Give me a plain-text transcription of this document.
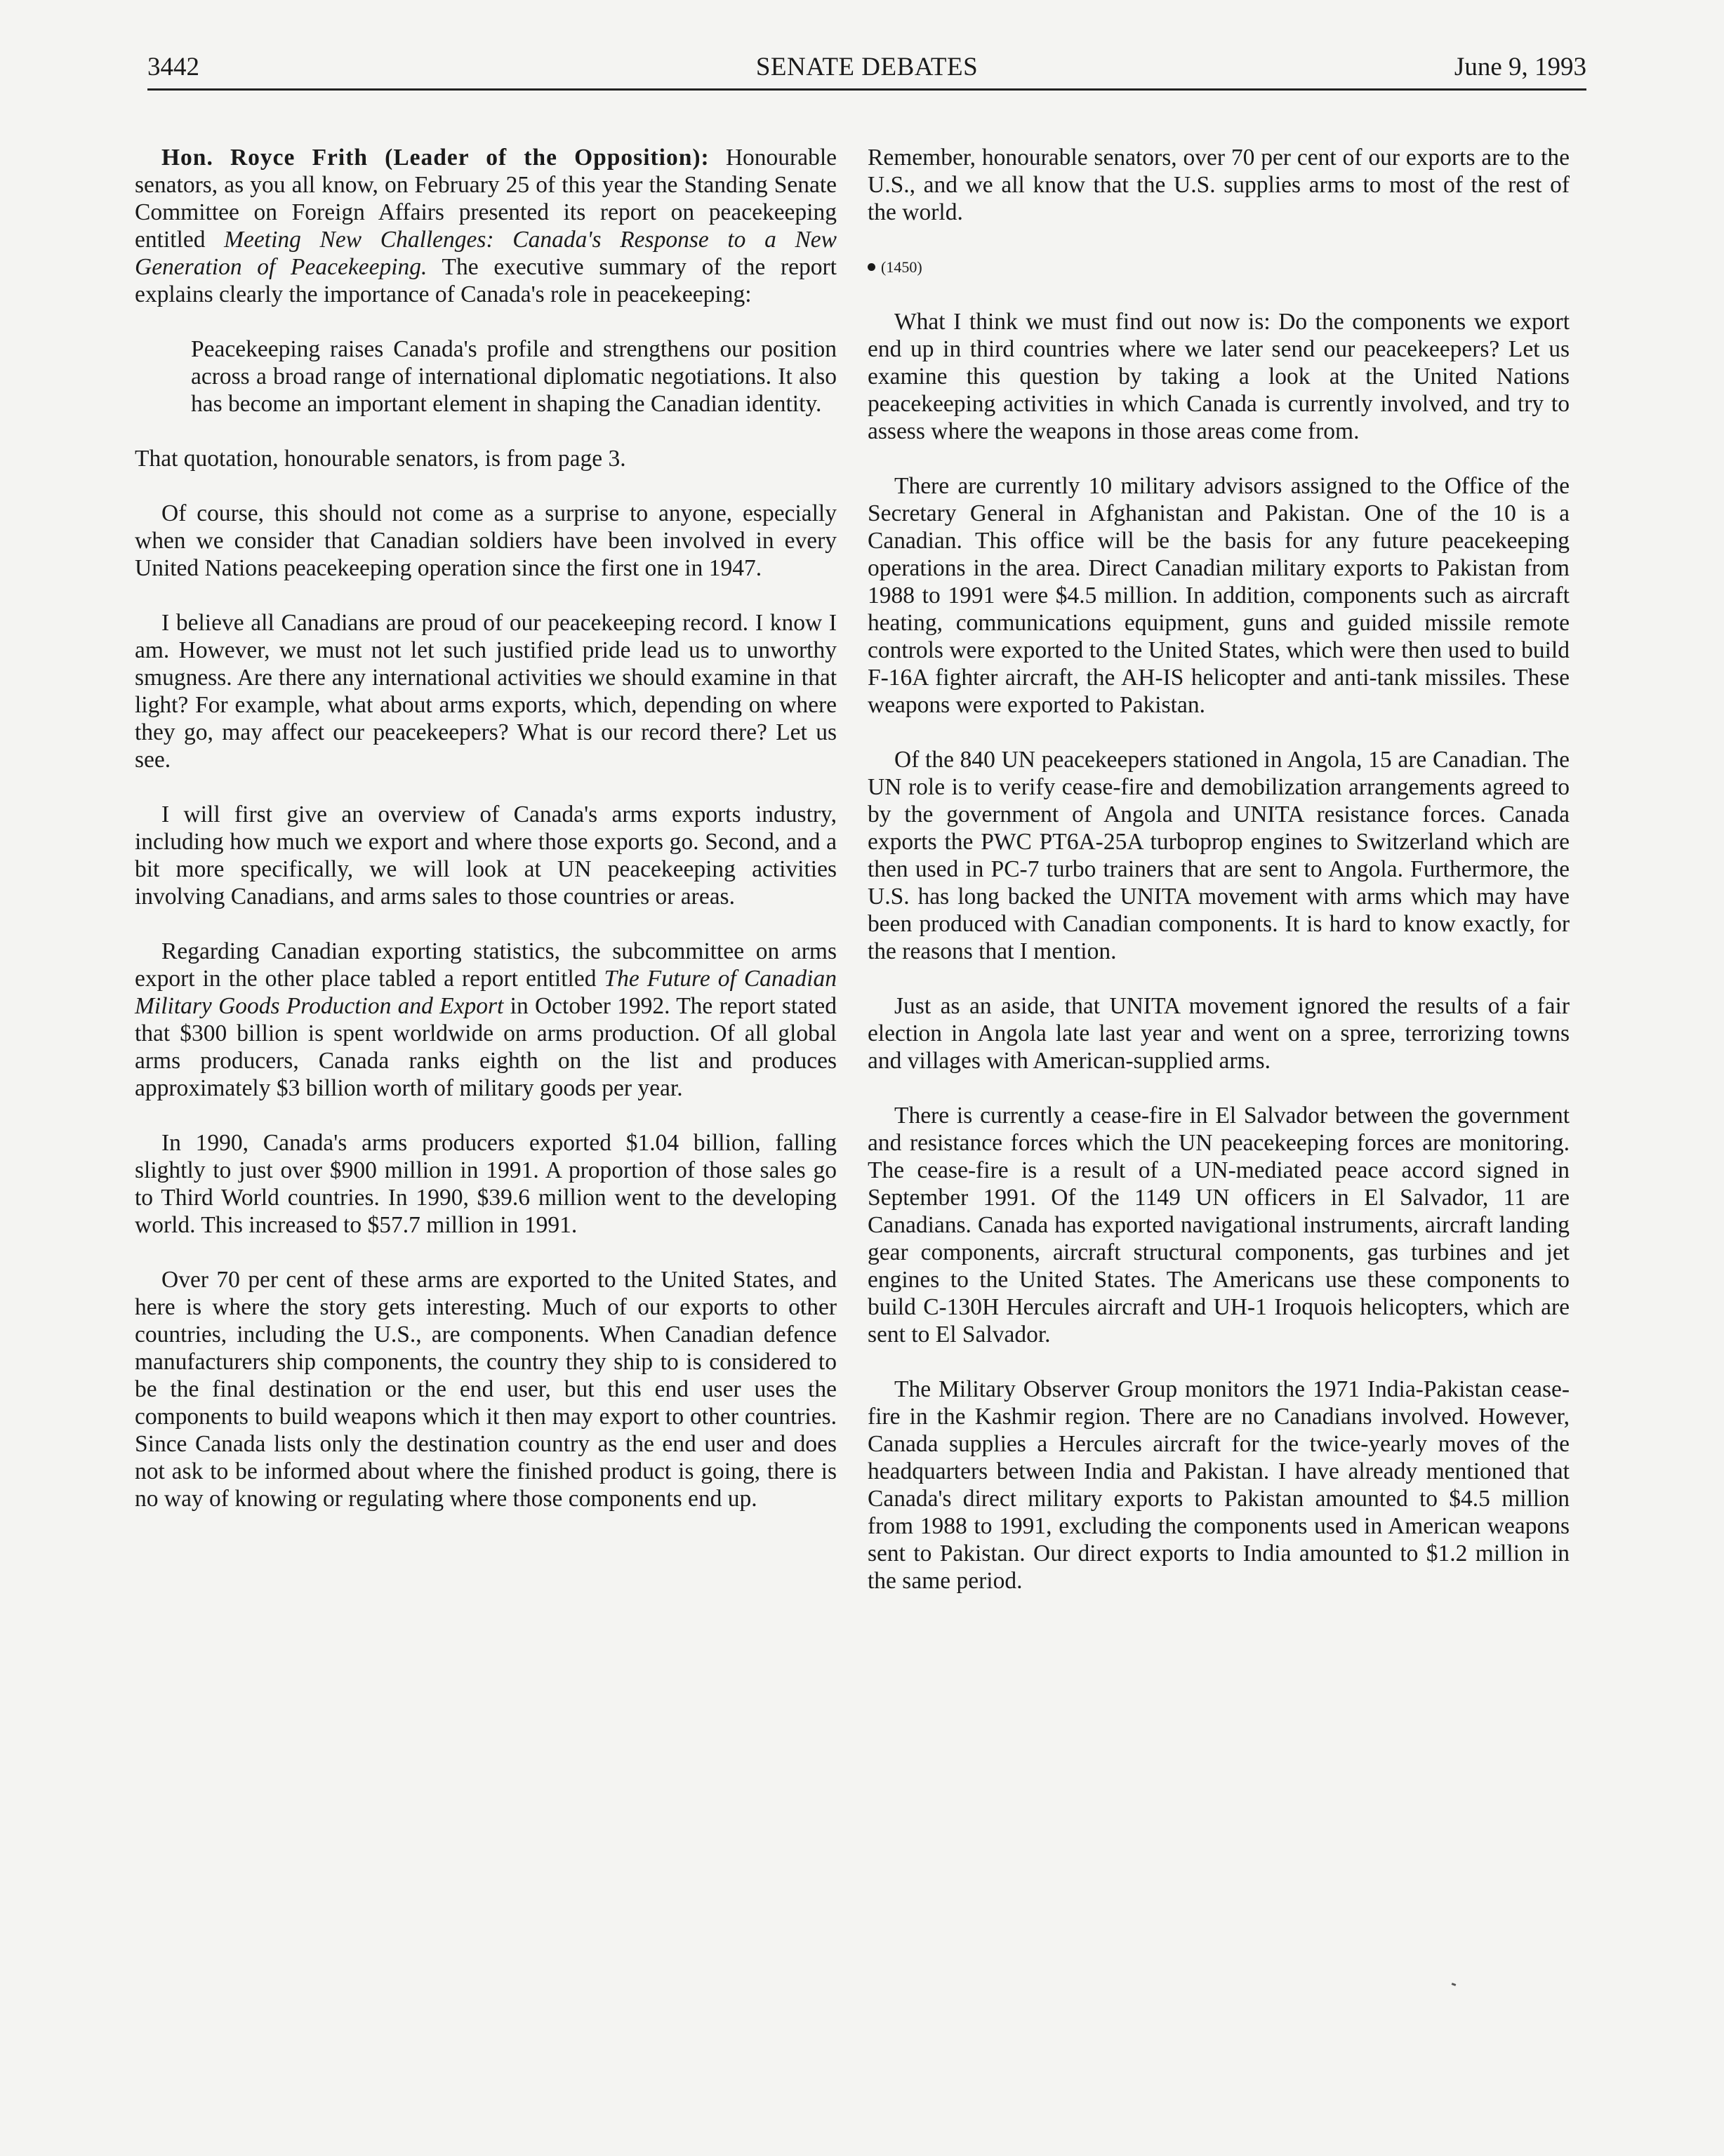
3442	SENATE DEBATES	June 9, 1993

Hon. Royce Frith (Leader of the Opposition): Honourable senators, as you all know, on February 25 of this year the Standing Senate Committee on Foreign Affairs presented its report on peacekeeping entitled Meeting New Challenges: Canada's Response to a New Generation of Peacekeeping. The executive summary of the report explains clearly the importance of Canada's role in peacekeeping:

Peacekeeping raises Canada's profile and strengthens our position across a broad range of international diplomatic negotiations. It also has become an important element in shaping the Canadian identity.

That quotation, honourable senators, is from page 3.

Of course, this should not come as a surprise to anyone, especially when we consider that Canadian soldiers have been involved in every United Nations peacekeeping operation since the first one in 1947.

I believe all Canadians are proud of our peacekeeping record. I know I am. However, we must not let such justified pride lead us to unworthy smugness. Are there any international activities we should examine in that light? For example, what about arms exports, which, depending on where they go, may affect our peacekeepers? What is our record there? Let us see.

I will first give an overview of Canada's arms exports industry, including how much we export and where those exports go. Second, and a bit more specifically, we will look at UN peacekeeping activities involving Canadians, and arms sales to those countries or areas.

Regarding Canadian exporting statistics, the subcommittee on arms export in the other place tabled a report entitled The Future of Canadian Military Goods Production and Export in October 1992. The report stated that $300 billion is spent worldwide on arms production. Of all global arms producers, Canada ranks eighth on the list and produces approximately $3 billion worth of military goods per year.

In 1990, Canada's arms producers exported $1.04 billion, falling slightly to just over $900 million in 1991. A proportion of those sales go to Third World countries. In 1990, $39.6 million went to the developing world. This increased to $57.7 million in 1991.

Over 70 per cent of these arms are exported to the United States, and here is where the story gets interesting. Much of our exports to other countries, including the U.S., are components. When Canadian defence manufacturers ship components, the country they ship to is considered to be the final destination or the end user, but this end user uses the components to build weapons which it then may export to other countries. Since Canada lists only the destination country as the end user and does not ask to be informed about where the finished product is going, there is no way of knowing or regulating where those components end up.

Remember, honourable senators, over 70 per cent of our exports are to the U.S., and we all know that the U.S. supplies arms to most of the rest of the world.

(1450)

What I think we must find out now is: Do the components we export end up in third countries where we later send our peacekeepers? Let us examine this question by taking a look at the United Nations peacekeeping activities in which Canada is currently involved, and try to assess where the weapons in those areas come from.

There are currently 10 military advisors assigned to the Office of the Secretary General in Afghanistan and Pakistan. One of the 10 is a Canadian. This office will be the basis for any future peacekeeping operations in the area. Direct Canadian military exports to Pakistan from 1988 to 1991 were $4.5 million. In addition, components such as aircraft heating, communications equipment, guns and guided missile remote controls were exported to the United States, which were then used to build F-16A fighter aircraft, the AH-IS helicopter and anti-tank missiles. These weapons were exported to Pakistan.

Of the 840 UN peacekeepers stationed in Angola, 15 are Canadian. The UN role is to verify cease-fire and demobilization arrangements agreed to by the government of Angola and UNITA resistance forces. Canada exports the PWC PT6A-25A turboprop engines to Switzerland which are then used in PC-7 turbo trainers that are sent to Angola. Furthermore, the U.S. has long backed the UNITA movement with arms which may have been produced with Canadian components. It is hard to know exactly, for the reasons that I mention.

Just as an aside, that UNITA movement ignored the results of a fair election in Angola late last year and went on a spree, terrorizing towns and villages with American-supplied arms.

There is currently a cease-fire in El Salvador between the government and resistance forces which the UN peacekeeping forces are monitoring. The cease-fire is a result of a UN-mediated peace accord signed in September 1991. Of the 1149 UN officers in El Salvador, 11 are Canadians. Canada has exported navigational instruments, aircraft landing gear components, aircraft structural components, gas turbines and jet engines to the United States. The Americans use these components to build C-130H Hercules aircraft and UH-1 Iroquois helicopters, which are sent to El Salvador.

The Military Observer Group monitors the 1971 India-Pakistan cease-fire in the Kashmir region. There are no Canadians involved. However, Canada supplies a Hercules aircraft for the twice-yearly moves of the headquarters between India and Pakistan. I have already mentioned that Canada's direct military exports to Pakistan amounted to $4.5 million from 1988 to 1991, excluding the components used in American weapons sent to Pakistan. Our direct exports to India amounted to $1.2 million in the same period.
